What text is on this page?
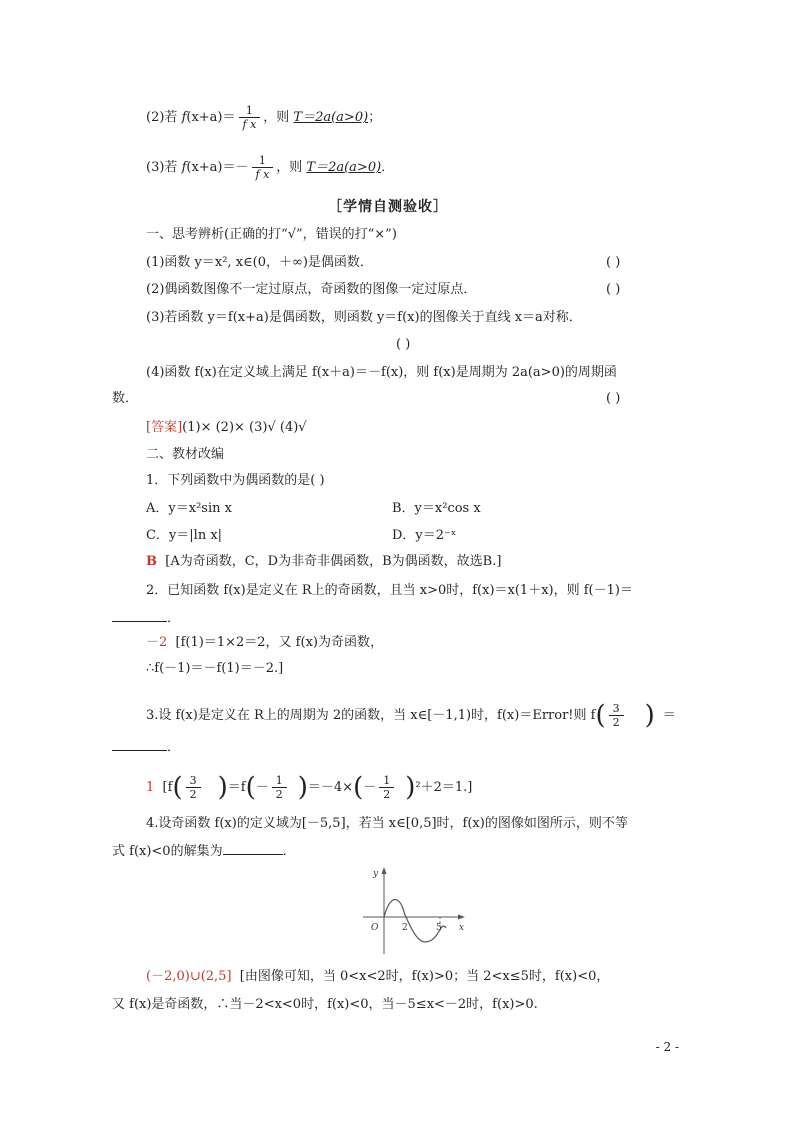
(2)若 $f(x+a)= \frac{1}{\text{f x}}$ ，则 T＝2a(a>0)；
(3)若 $f(x+a)=- \frac{1}{\text{f x}}$ ，则 T＝2a(a>0)．
［学情自测验收］
一、思考辨析(正确的打“√”，错误的打“×”)
(1)函数 y＝x², x∈(0，＋∞)是偶函数．	( )
(2)偶函数图像不一定过原点，奇函数的图像一定过原点．	( )
(3)若函数 y＝f(x+a)是偶函数，则函数 y＝f(x)的图像关于直线 x＝a对称．
( )
(4)函数 f(x)在定义域上满足 f(x＋a)＝－f(x)，则 f(x)是周期为 2a(a>0)的周期函
数．	( )
[答案](1)× (2)× (3)√ (4)√
二、教材改编
1．下列函数中为偶函数的是( )
A．y＝x²sin x	B．y＝x²cos x
C．y＝|ln x|	D．y＝2⁻ˣ
B [A为奇函数，C，D为非奇非偶函数，B为偶函数，故选B.]
2．已知函数 f(x)是定义在 R上的奇函数，且当 x>0时，f(x)＝x(1＋x)，则 f(－1)＝
．
－2 [f(1)＝1×2＝2，又 f(x)为奇函数，
∴f(－1)＝－f(1)＝－2.]
3.设 f(x)是定义在 R上的周期为 2的函数，当 x∈[－1,1)时，f(x)＝Error!则 $f( \frac{3}{2}$ ) ＝
．
1 $[f( \frac{3}{2} )=f(- \frac{1}{2} )=-4\times(- \frac{1}{2} )^2+2=1.]$
4.设奇函数 f(x)的定义域为[－5,5]，若当 x∈[0,5]时，f(x)的图像如图所示，则不等
式 f(x)<0的解集为	．
y
x
O	2	5
(－2,0)∪(2,5] [由图像可知，当 0<x<2时，f(x)>0；当 2<x≤5时，f(x)<0，
又 f(x)是奇函数，∴当－2<x<0时，f(x)<0，当－5≤x<－2时，f(x)>0.
- 2 -
